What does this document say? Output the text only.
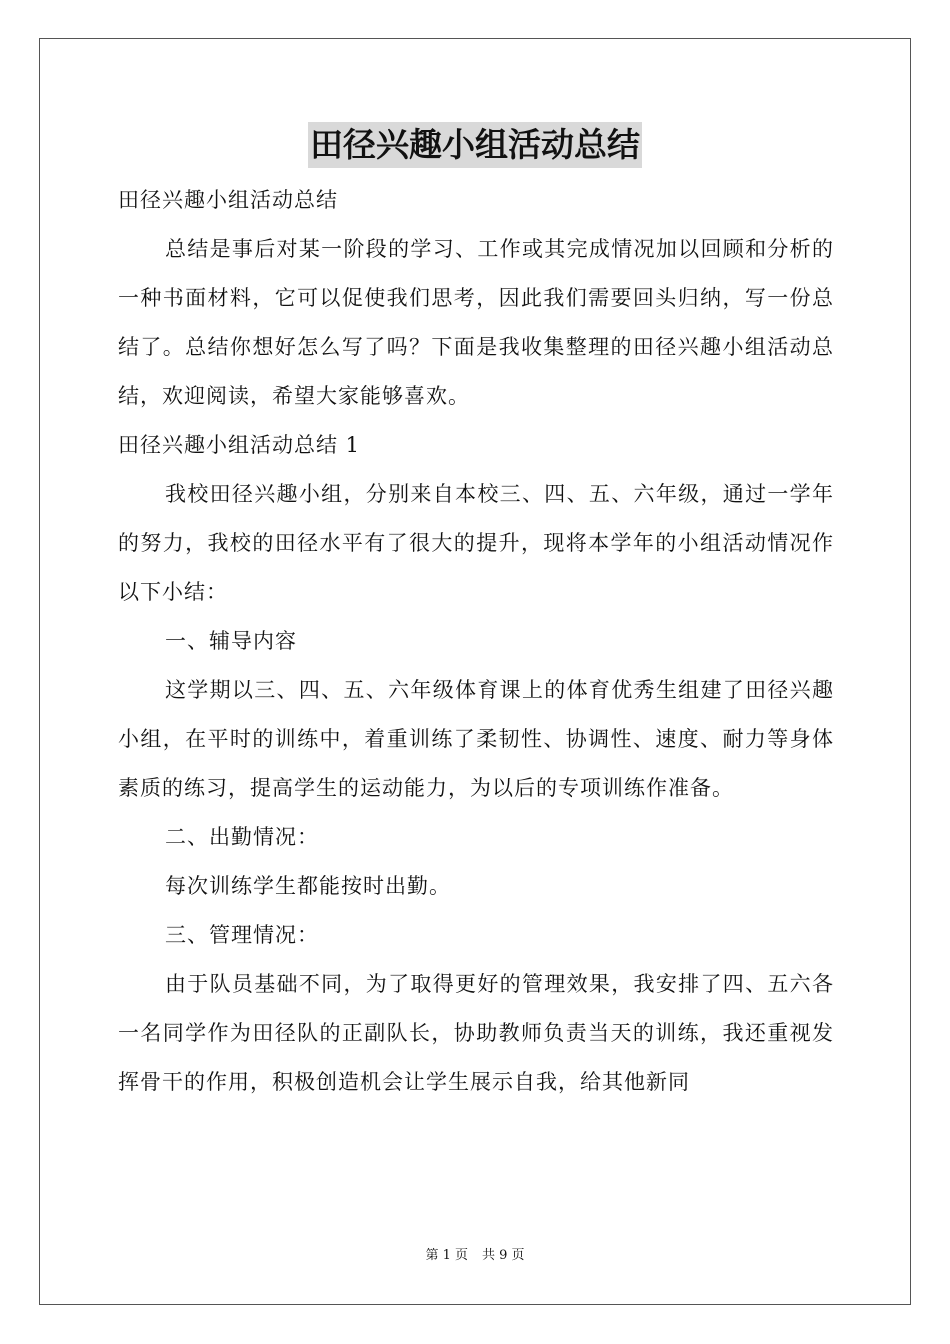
田径兴趣小组活动总结

田径兴趣小组活动总结

总结是事后对某一阶段的学习、工作或其完成情况加以回顾和分析的一种书面材料，它可以促使我们思考，因此我们需要回头归纳，写一份总结了。总结你想好怎么写了吗？下面是我收集整理的田径兴趣小组活动总结，欢迎阅读，希望大家能够喜欢。

田径兴趣小组活动总结 1

我校田径兴趣小组，分别来自本校三、四、五、六年级，通过一学年的努力，我校的田径水平有了很大的提升，现将本学年的小组活动情况作以下小结：

一、辅导内容

这学期以三、四、五、六年级体育课上的体育优秀生组建了田径兴趣小组，在平时的训练中，着重训练了柔韧性、协调性、速度、耐力等身体素质的练习，提高学生的运动能力，为以后的专项训练作准备。

二、出勤情况：

每次训练学生都能按时出勤。

三、管理情况：

由于队员基础不同，为了取得更好的管理效果，我安排了四、五六各一名同学作为田径队的正副队长，协助教师负责当天的训练，我还重视发挥骨干的作用，积极创造机会让学生展示自我，给其他新同

第 1 页 共 9 页
